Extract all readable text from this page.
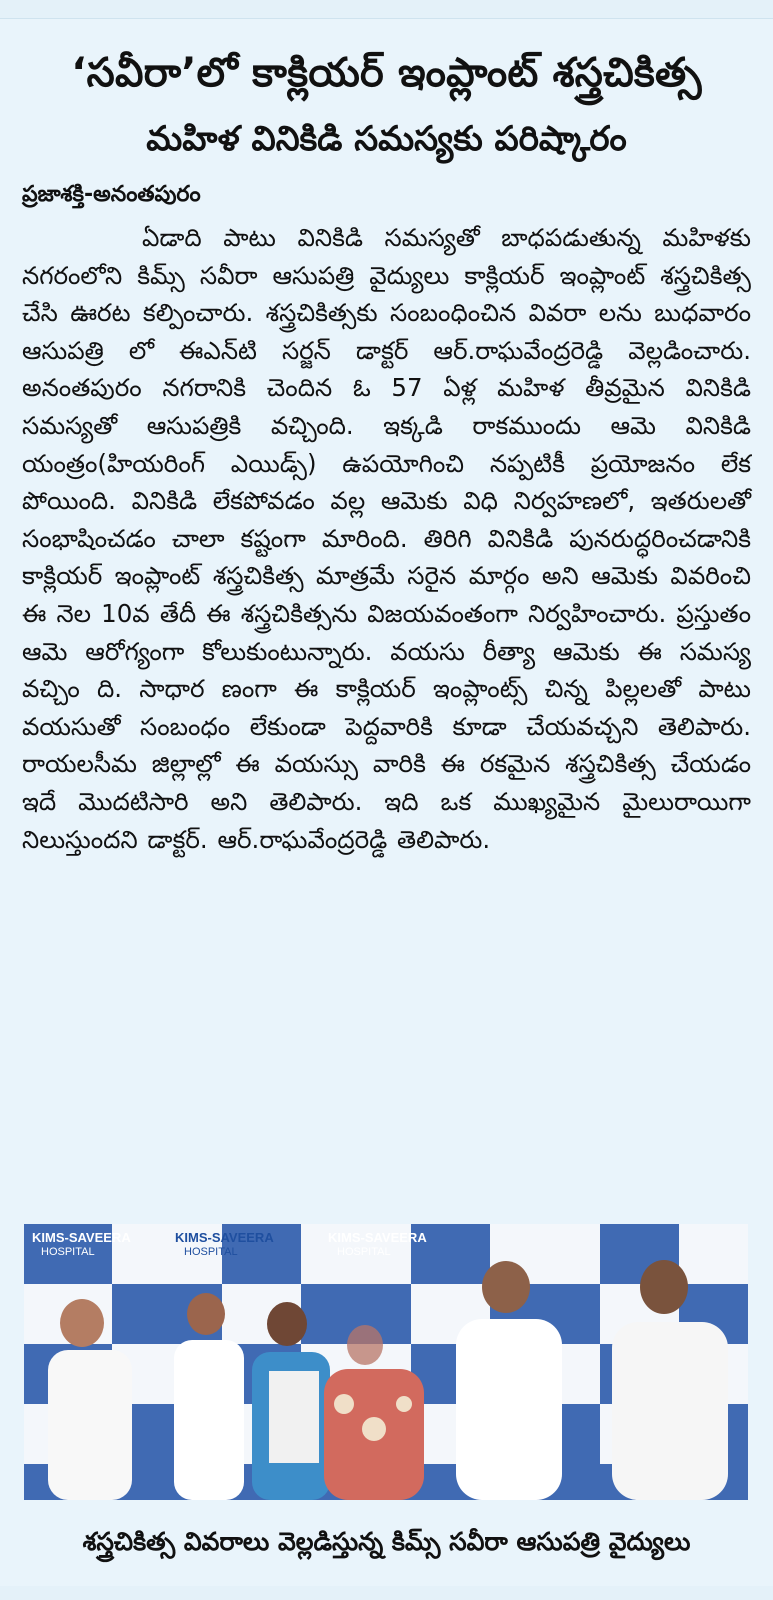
‘సవీరా’లో కాక్లియర్ ఇంప్లాంట్ శస్త్రచికిత్స
మహిళ వినికిడి సమస్యకు పరిష్కారం
ప్రజాశక్తి-అనంతపురం
ఏడాది పాటు వినికిడి సమస్యతో బాధపడుతున్న మహిళకు నగరంలోని కిమ్స్ సవీరా ఆసుపత్రి వైద్యులు కాక్లియర్ ఇంప్లాంట్ శస్త్రచికిత్స చేసి ఊరట కల్పించారు. శస్త్రచికిత్సకు సంబంధించిన వివరా లను బుధవారం ఆసుపత్రి లో ఈఎన్‌టి సర్జన్ డాక్టర్ ఆర్.రాఘవేంద్రరెడ్డి వెల్లడించారు. అనంతపురం నగరానికి చెందిన ఓ 57 ఏళ్ల మహిళ తీవ్రమైన వినికిడి సమస్యతో ఆసుపత్రికి వచ్చింది. ఇక్కడి రాకముందు ఆమె వినికిడి యంత్రం(హియరింగ్ ఎయిడ్స్) ఉపయోగించి నప్పటికీ ప్రయోజనం లేక పోయింది. వినికిడి లేకపోవడం వల్ల ఆమెకు విధి నిర్వహణలో, ఇతరులతో సంభాషించడం చాలా కష్టంగా మారింది. తిరిగి వినికిడి పునరుద్ధరించడానికి కాక్లియర్ ఇంప్లాంట్ శస్త్రచికిత్స మాత్రమే సరైన మార్గం అని ఆమెకు వివరించి ఈ నెల 10వ తేదీ ఈ శస్త్రచికిత్సను విజయవంతంగా నిర్వహించారు. ప్రస్తుతం ఆమె ఆరోగ్యంగా కోలుకుంటున్నారు. వయసు రీత్యా ఆమెకు ఈ సమస్య వచ్చిం ది. సాధార ణంగా ఈ కాక్లియర్ ఇంప్లాంట్స్ చిన్న పిల్లలతో పాటు వయసుతో సంబంధం లేకుండా పెద్దవారికి కూడా చేయవచ్చని తెలిపారు. రాయలసీమ జిల్లాల్లో ఈ వయస్సు వారికి ఈ రకమైన శస్త్రచికిత్స చేయడం ఇదే మొదటిసారి అని తెలిపారు. ఇది ఒక ముఖ్యమైన మైలురాయిగా నిలుస్తుందని డాక్టర్. ఆర్.రాఘవేంద్రరెడ్డి తెలిపారు.
KIMS-SAVEERA
HOSPITAL
KIMS-SAVEERA
HOSPITAL
KIMS-SAVEERA
HOSPITAL
శస్త్రచికిత్స వివరాలు వెల్లడిస్తున్న కిమ్స్ సవీరా ఆసుపత్రి వైద్యులు
